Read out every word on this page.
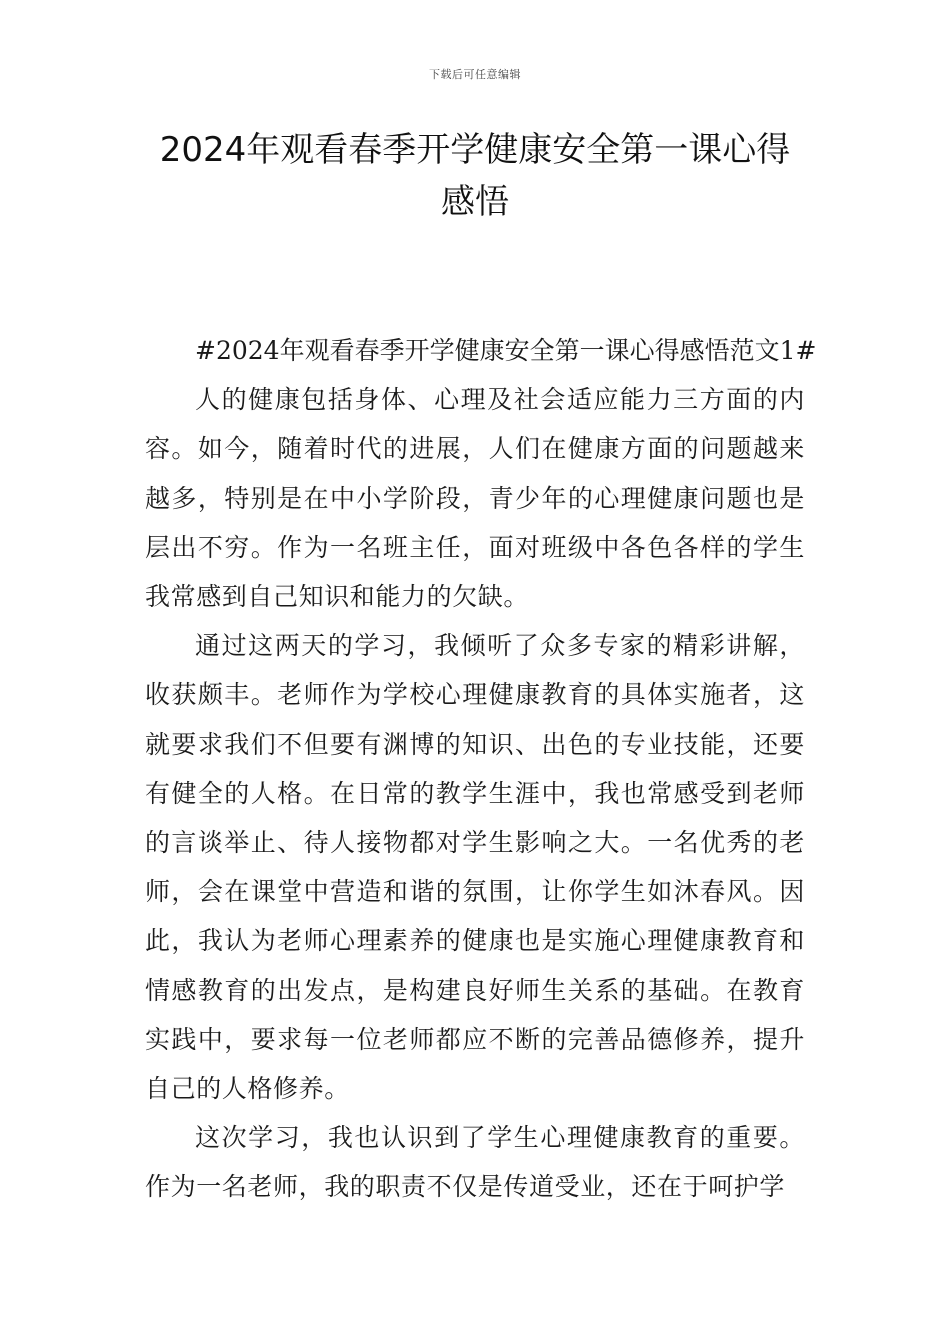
下载后可任意编辑
2024年观看春季开学健康安全第一课心得
感悟

#2024年观看春季开学健康安全第一课心得感悟范文1#

人的健康包括身体、心理及社会适应能力三方面的内容。如今，随着时代的进展，人们在健康方面的问题越来越多，特别是在中小学阶段，青少年的心理健康问题也是层出不穷。作为一名班主任，面对班级中各色各样的学生我常感到自己知识和能力的欠缺。

通过这两天的学习，我倾听了众多专家的精彩讲解，收获颇丰。老师作为学校心理健康教育的具体实施者，这就要求我们不但要有渊博的知识、出色的专业技能，还要有健全的人格。在日常的教学生涯中，我也常感受到老师的言谈举止、待人接物都对学生影响之大。一名优秀的老师，会在课堂中营造和谐的氛围，让你学生如沐春风。因此，我认为老师心理素养的健康也是实施心理健康教育和情感教育的出发点，是构建良好师生关系的基础。在教育实践中，要求每一位老师都应不断的完善品德修养，提升自己的人格修养。

这次学习，我也认识到了学生心理健康教育的重要。作为一名老师，我的职责不仅是传道受业，还在于呵护学
